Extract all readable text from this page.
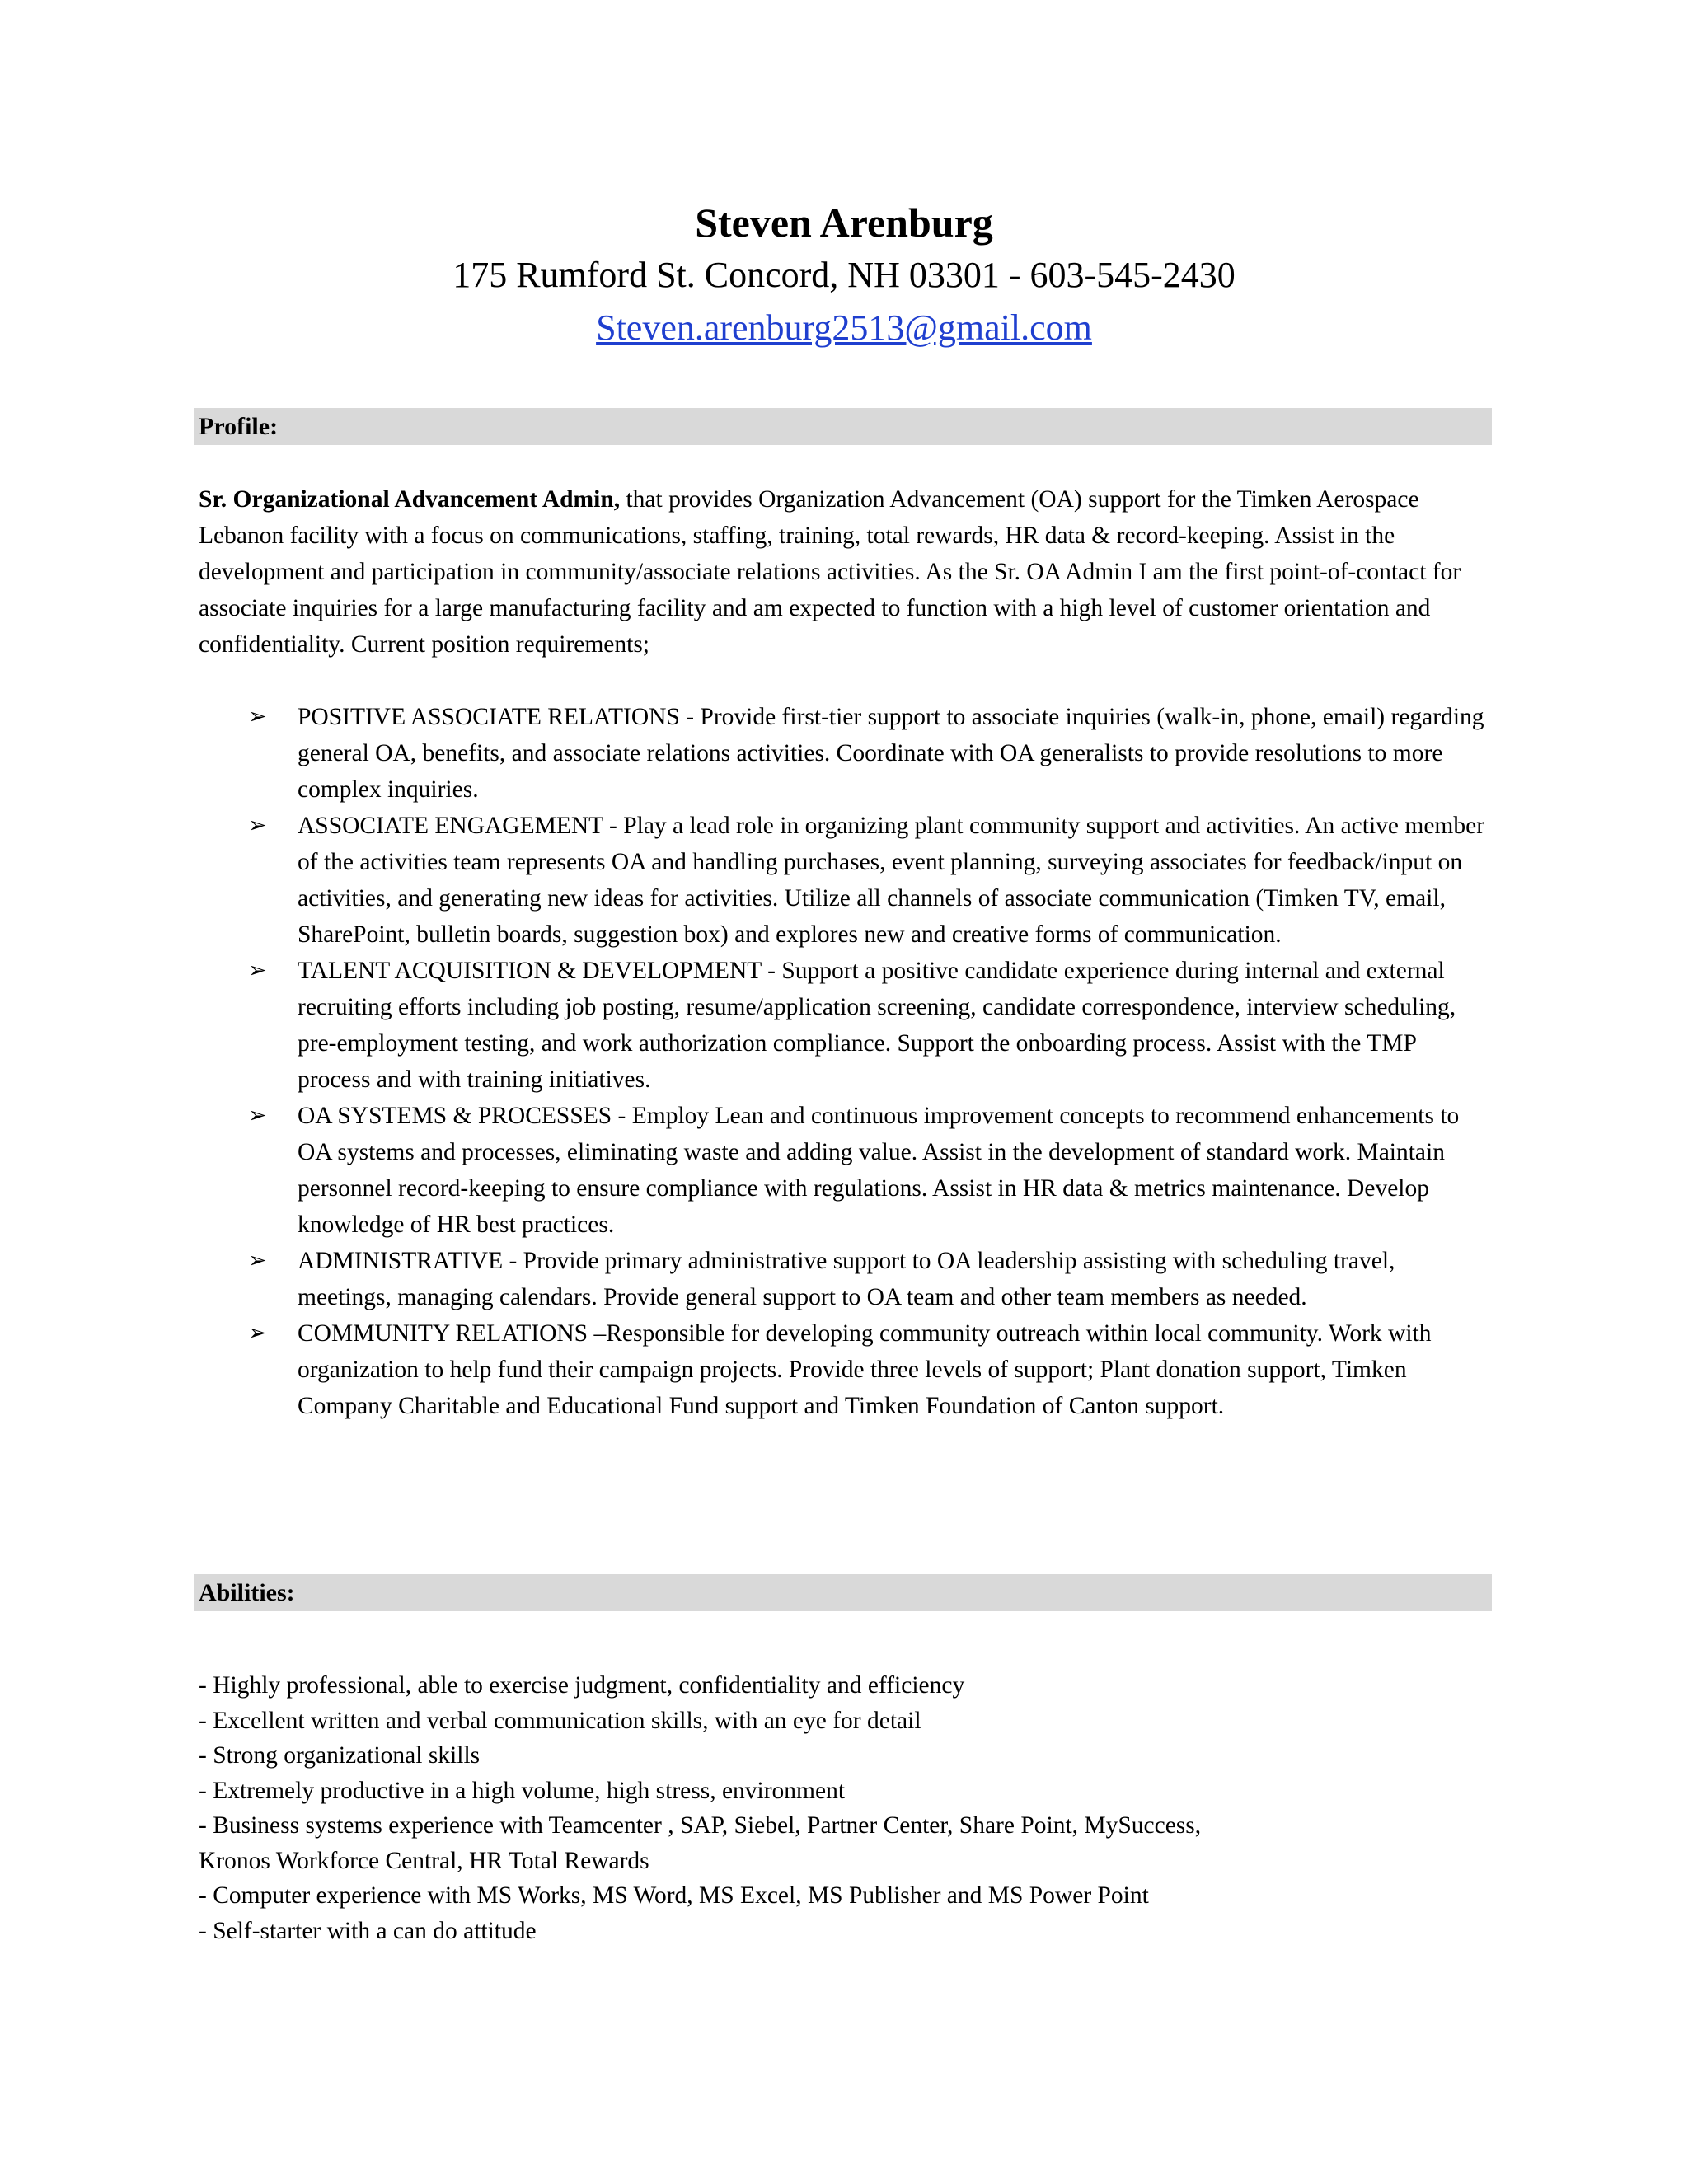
Steven Arenburg
175 Rumford St. Concord, NH 03301 - 603-545-2430
Steven.arenburg2513@gmail.com
Profile:

Sr. Organizational Advancement Admin, that provides Organization Advancement (OA) support for the Timken Aerospace Lebanon facility with a focus on communications, staffing, training, total rewards, HR data & record-keeping. Assist in the development and participation in community/associate relations activities. As the Sr. OA Admin I am the first point-of-contact for associate inquiries for a large manufacturing facility and am expected to function with a high level of customer orientation and confidentiality. Current position requirements;

➢ POSITIVE ASSOCIATE RELATIONS - Provide first-tier support to associate inquiries (walk-in, phone, email) regarding general OA, benefits, and associate relations activities. Coordinate with OA generalists to provide resolutions to more complex inquiries.
➢ ASSOCIATE ENGAGEMENT - Play a lead role in organizing plant community support and activities. An active member of the activities team represents OA and handling purchases, event planning, surveying associates for feedback/input on activities, and generating new ideas for activities. Utilize all channels of associate communication (Timken TV, email, SharePoint, bulletin boards, suggestion box) and explores new and creative forms of communication.
➢ TALENT ACQUISITION & DEVELOPMENT - Support a positive candidate experience during internal and external recruiting efforts including job posting, resume/application screening, candidate correspondence, interview scheduling, pre-employment testing, and work authorization compliance. Support the onboarding process. Assist with the TMP process and with training initiatives.
➢ OA SYSTEMS & PROCESSES - Employ Lean and continuous improvement concepts to recommend enhancements to OA systems and processes, eliminating waste and adding value. Assist in the development of standard work. Maintain personnel record-keeping to ensure compliance with regulations. Assist in HR data & metrics maintenance. Develop knowledge of HR best practices.
➢ ADMINISTRATIVE - Provide primary administrative support to OA leadership assisting with scheduling travel, meetings, managing calendars. Provide general support to OA team and other team members as needed.
➢ COMMUNITY RELATIONS –Responsible for developing community outreach within local community. Work with organization to help fund their campaign projects. Provide three levels of support; Plant donation support, Timken Company Charitable and Educational Fund support and Timken Foundation of Canton support.
Abilities:
- Highly professional, able to exercise judgment, confidentiality and efficiency
- Excellent written and verbal communication skills, with an eye for detail
- Strong organizational skills
- Extremely productive in a high volume, high stress, environment
- Business systems experience with Teamcenter , SAP, Siebel, Partner Center, Share Point, MySuccess,
Kronos Workforce Central, HR Total Rewards
- Computer experience with MS Works, MS Word, MS Excel, MS Publisher and MS Power Point
- Self-starter with a can do attitude
